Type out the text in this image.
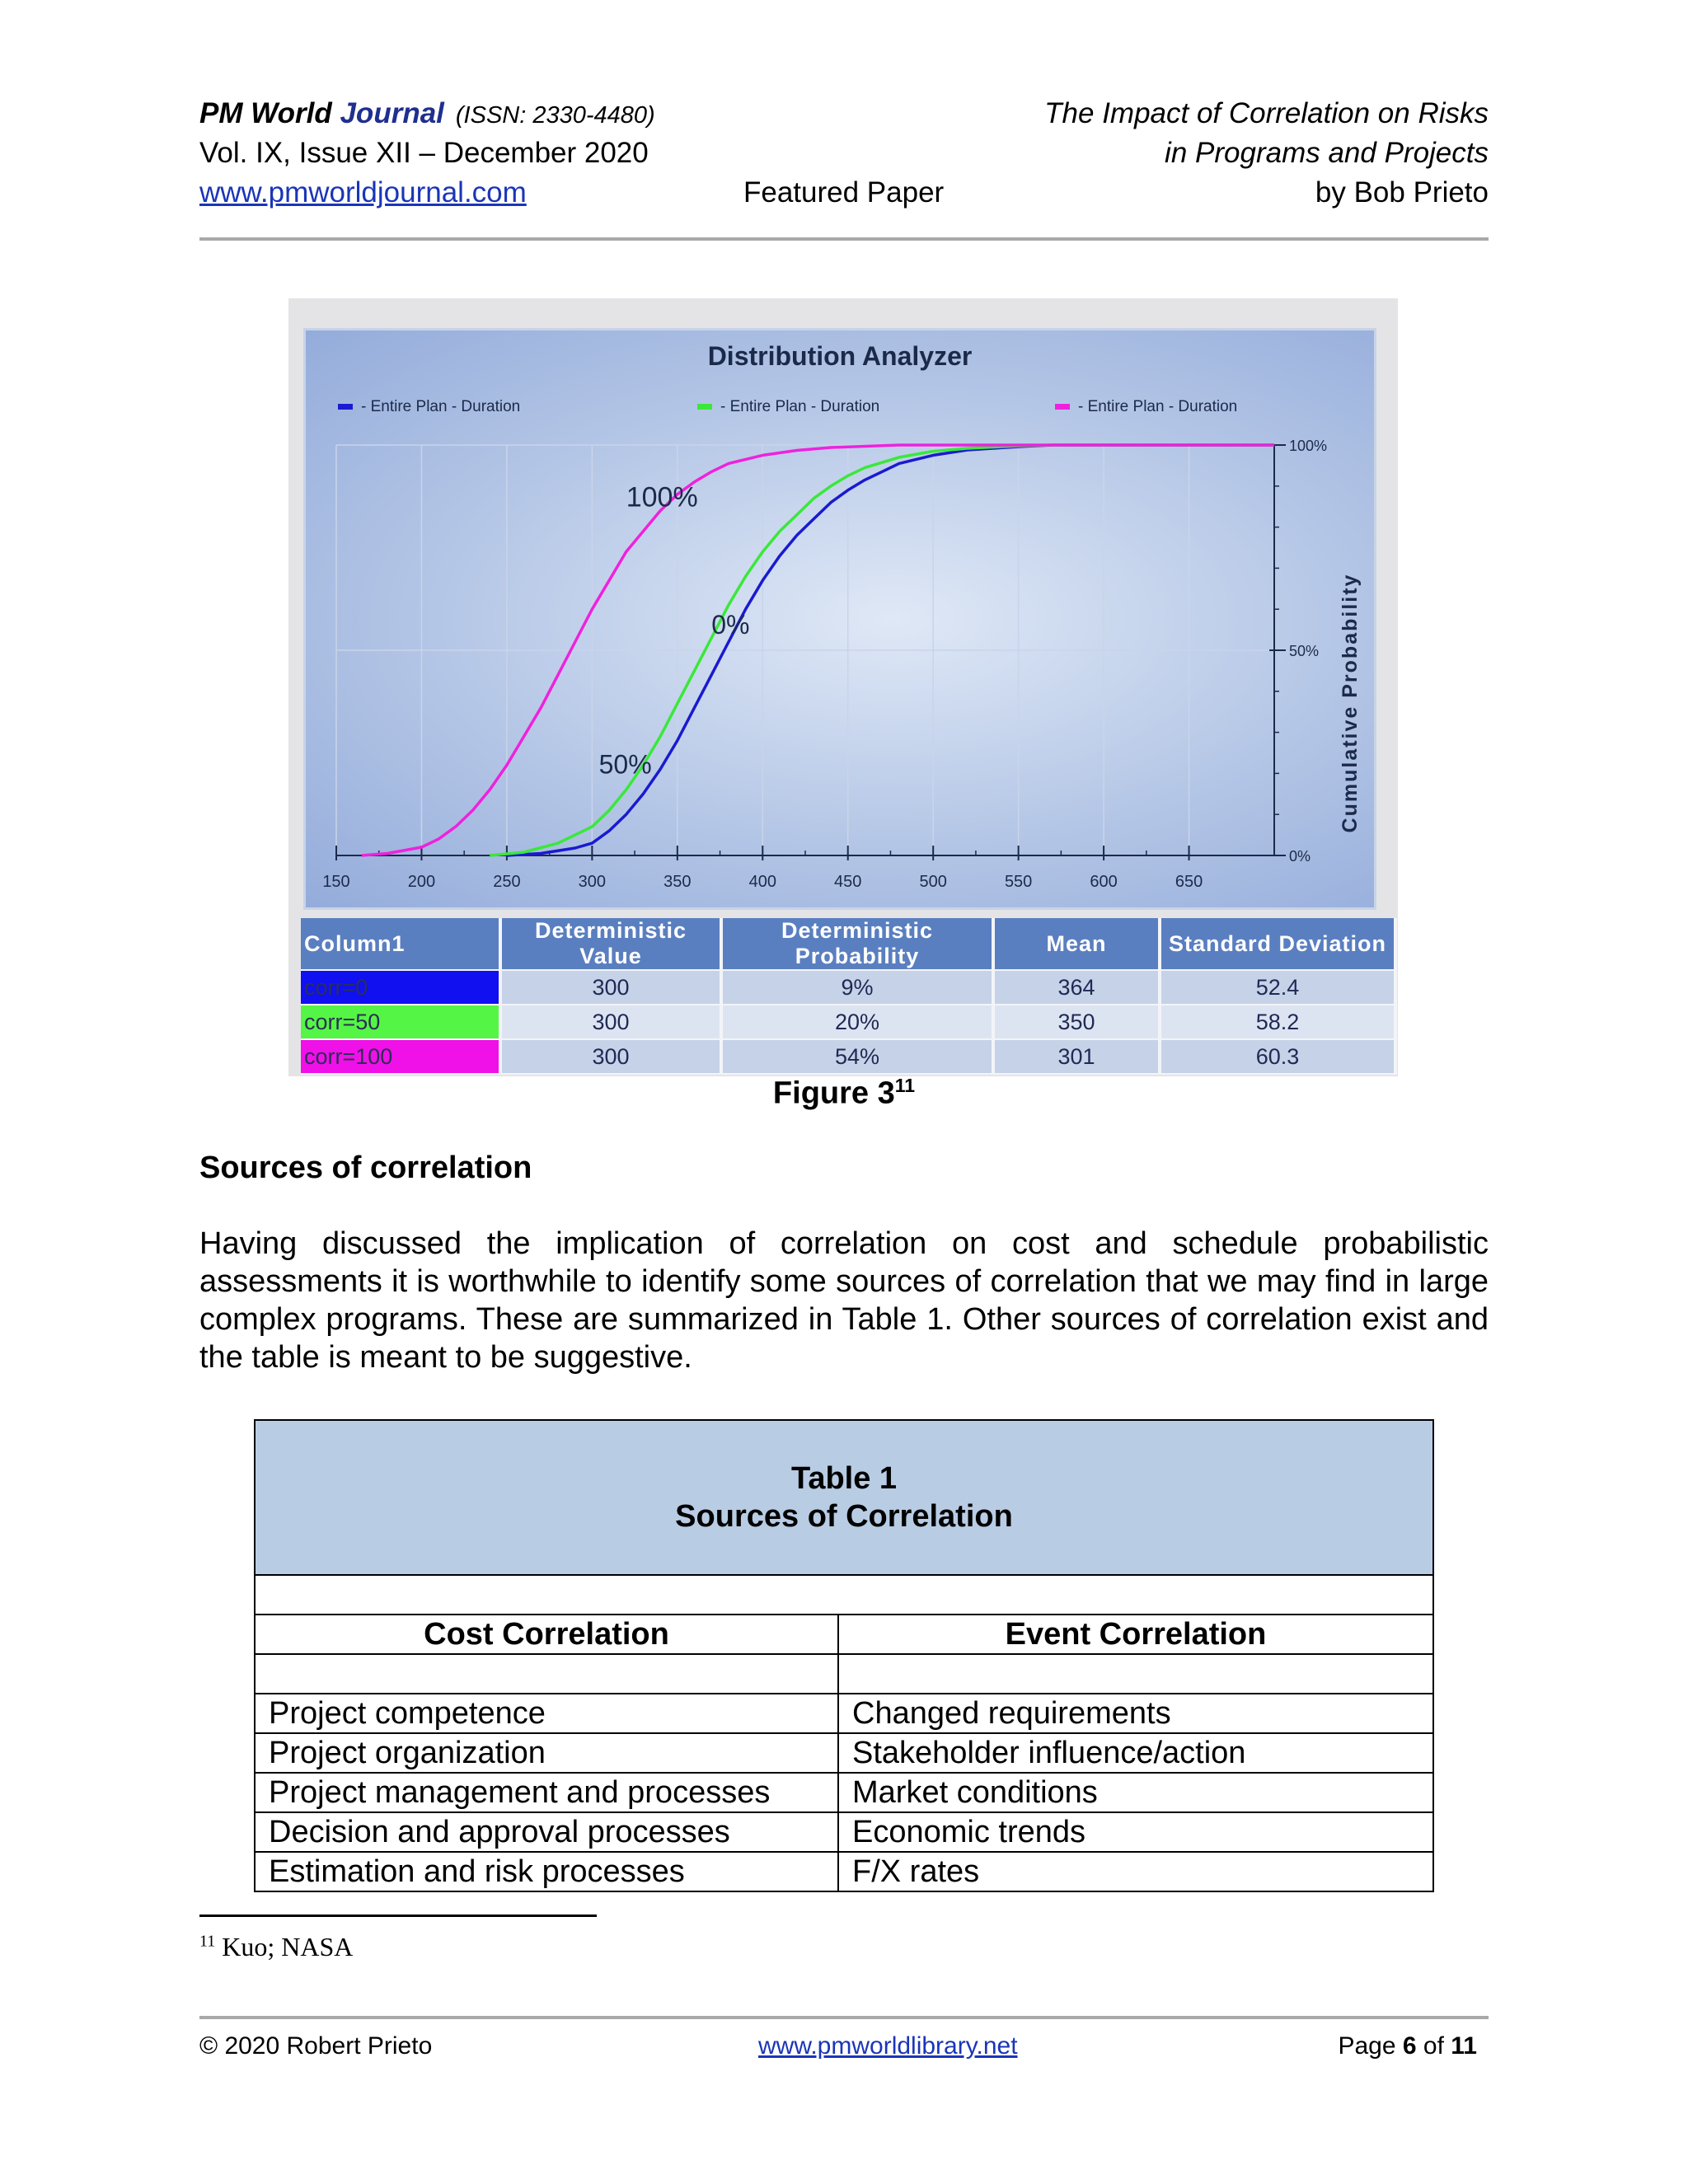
PM World Journal (ISSN: 2330-4480)	The Impact of Correlation on Risks
Vol. IX, Issue XII – December 2020	in Programs and Projects
www.pmworldjournal.com	Featured Paper	by Bob Prieto
Distribution Analyzer
150	200	250	300	350	400	450	500	550	600	650
0%
50%
100%
- Entire Plan - Duration	- Entire Plan - Duration	- Entire Plan - Duration
100%
50%
0%	Cumulative Probability
Column1	Deterministic Value	Deterministic Probability	Mean	Standard Deviation
corr=0	300	9%	364	52.4
corr=50	300	20%	350	58.2
corr=100	300	54%	301	60.3
Figure $3^{11}$
Sources of correlation
Having discussed the implication of correlation on cost and schedule probabilistic assessments it is worthwhile to identify some sources of correlation that we may find in large complex programs. These are summarized in Table 1. Other sources of correlation exist and the table is meant to be suggestive.
Table 1
Sources of Correlation	

Cost Correlation	Event Correlation

Project competence	Changed requirements
Project organization	Stakeholder influence/action
Project management and processes	Market conditions
Decision and approval processes	Economic trends
Estimation and risk processes	F/X rates
$^{11}$ Kuo; NASA
© 2020 Robert Prieto	www.pmworldlibrary.net	Page 6 of 11
